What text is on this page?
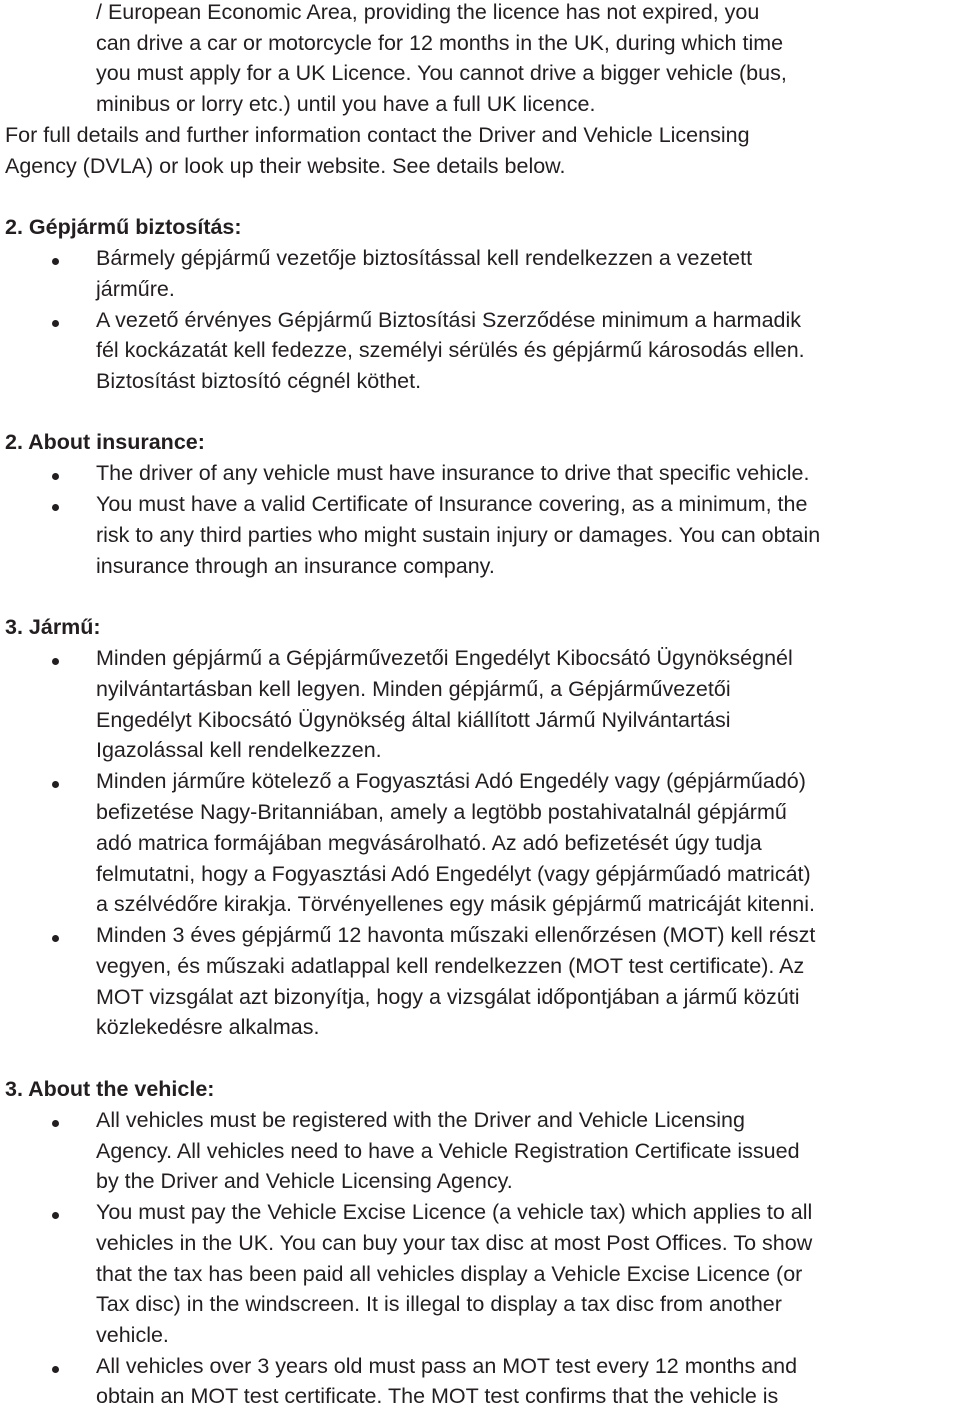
/ European Economic Area, providing the licence has not expired, you
can drive a car or motorcycle for 12 months in the UK, during which time
you must apply for a UK Licence. You cannot drive a bigger vehicle (bus,
minibus or lorry etc.) until you have a full UK licence.
For full details and further information contact the Driver and Vehicle Licensing
Agency (DVLA) or look up their website. See details below.
2. Gépjármű biztosítás:
Bármely gépjármű vezetője biztosítással kell rendelkezzen a vezetett
járműre.
A vezető érvényes Gépjármű Biztosítási Szerződése minimum a harmadik
fél kockázatát kell fedezze, személyi sérülés és gépjármű károsodás ellen.
Biztosítást biztosító cégnél köthet.
2. About insurance:
The driver of any vehicle must have insurance to drive that specific vehicle.
You must have a valid Certificate of Insurance covering, as a minimum, the
risk to any third parties who might sustain injury or damages. You can obtain
insurance through an insurance company.
3. Jármű:
Minden gépjármű a Gépjárművezetői Engedélyt Kibocsátó Ügynökségnél
nyilvántartásban kell legyen. Minden gépjármű, a Gépjárművezetői
Engedélyt Kibocsátó Ügynökség által kiállított Jármű Nyilvántartási
Igazolással kell rendelkezzen.
Minden járműre kötelező a Fogyasztási Adó Engedély vagy (gépjárműadó)
befizetése Nagy-Britanniában, amely a legtöbb postahivatalnál gépjármű
adó matrica formájában megvásárolható. Az adó befizetését úgy tudja
felmutatni, hogy a Fogyasztási Adó Engedélyt (vagy gépjárműadó matricát)
a szélvédőre kirakja. Törvényellenes egy másik gépjármű matricáját kitenni.
Minden 3 éves gépjármű 12 havonta műszaki ellenőrzésen (MOT) kell részt
vegyen, és műszaki adatlappal kell rendelkezzen (MOT test certificate). Az
MOT vizsgálat azt bizonyítja, hogy a vizsgálat időpontjában a jármű közúti
közlekedésre alkalmas.
3. About the vehicle:
All vehicles must be registered with the Driver and Vehicle Licensing
Agency. All vehicles need to have a Vehicle Registration Certificate issued
by the Driver and Vehicle Licensing Agency.
You must pay the Vehicle Excise Licence (a vehicle tax) which applies to all
vehicles in the UK. You can buy your tax disc at most Post Offices. To show
that the tax has been paid all vehicles display a Vehicle Excise Licence (or
Tax disc) in the windscreen. It is illegal to display a tax disc from another
vehicle.
All vehicles over 3 years old must pass an MOT test every 12 months and
obtain an MOT test certificate. The MOT test confirms that the vehicle is
